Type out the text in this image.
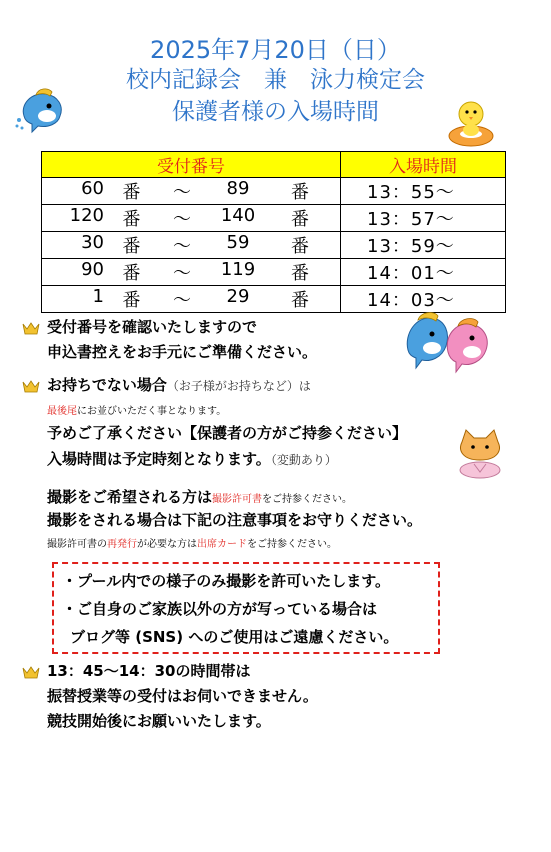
2025年7月20日（日）
校内記録会　兼　泳力検定会
保護者様の入場時間
受付番号	入場時間

60 番 ～ 89 番	13：55～

120 番 ～ 140 番	13：57～

30 番 ～ 59 番	13：59～

90 番 ～ 119 番	14：01～

1 番 ～ 29 番	14：03～
受付番号を確認いたしますので
申込書控えをお手元にご準備ください。
お持ちでない場合（お子様がお持ちなど）は
最後尾にお並びいただく事となります。
予めご了承ください【保護者の方がご持参ください】
入場時間は予定時刻となります。（変動あり）
撮影をご希望される方は撮影許可書をご持参ください。
撮影をされる場合は下記の注意事項をお守りください。
撮影許可書の再発行が必要な方は出席カードをご持参ください。
・プール内での様子のみ撮影を許可いたします。
・ご自身のご家族以外の方が写っている場合は
ブログ等 (SNS) へのご使用はご遠慮ください。
13：45～14：30の時間帯は
振替授業等の受付はお伺いできません。
競技開始後にお願いいたします。
